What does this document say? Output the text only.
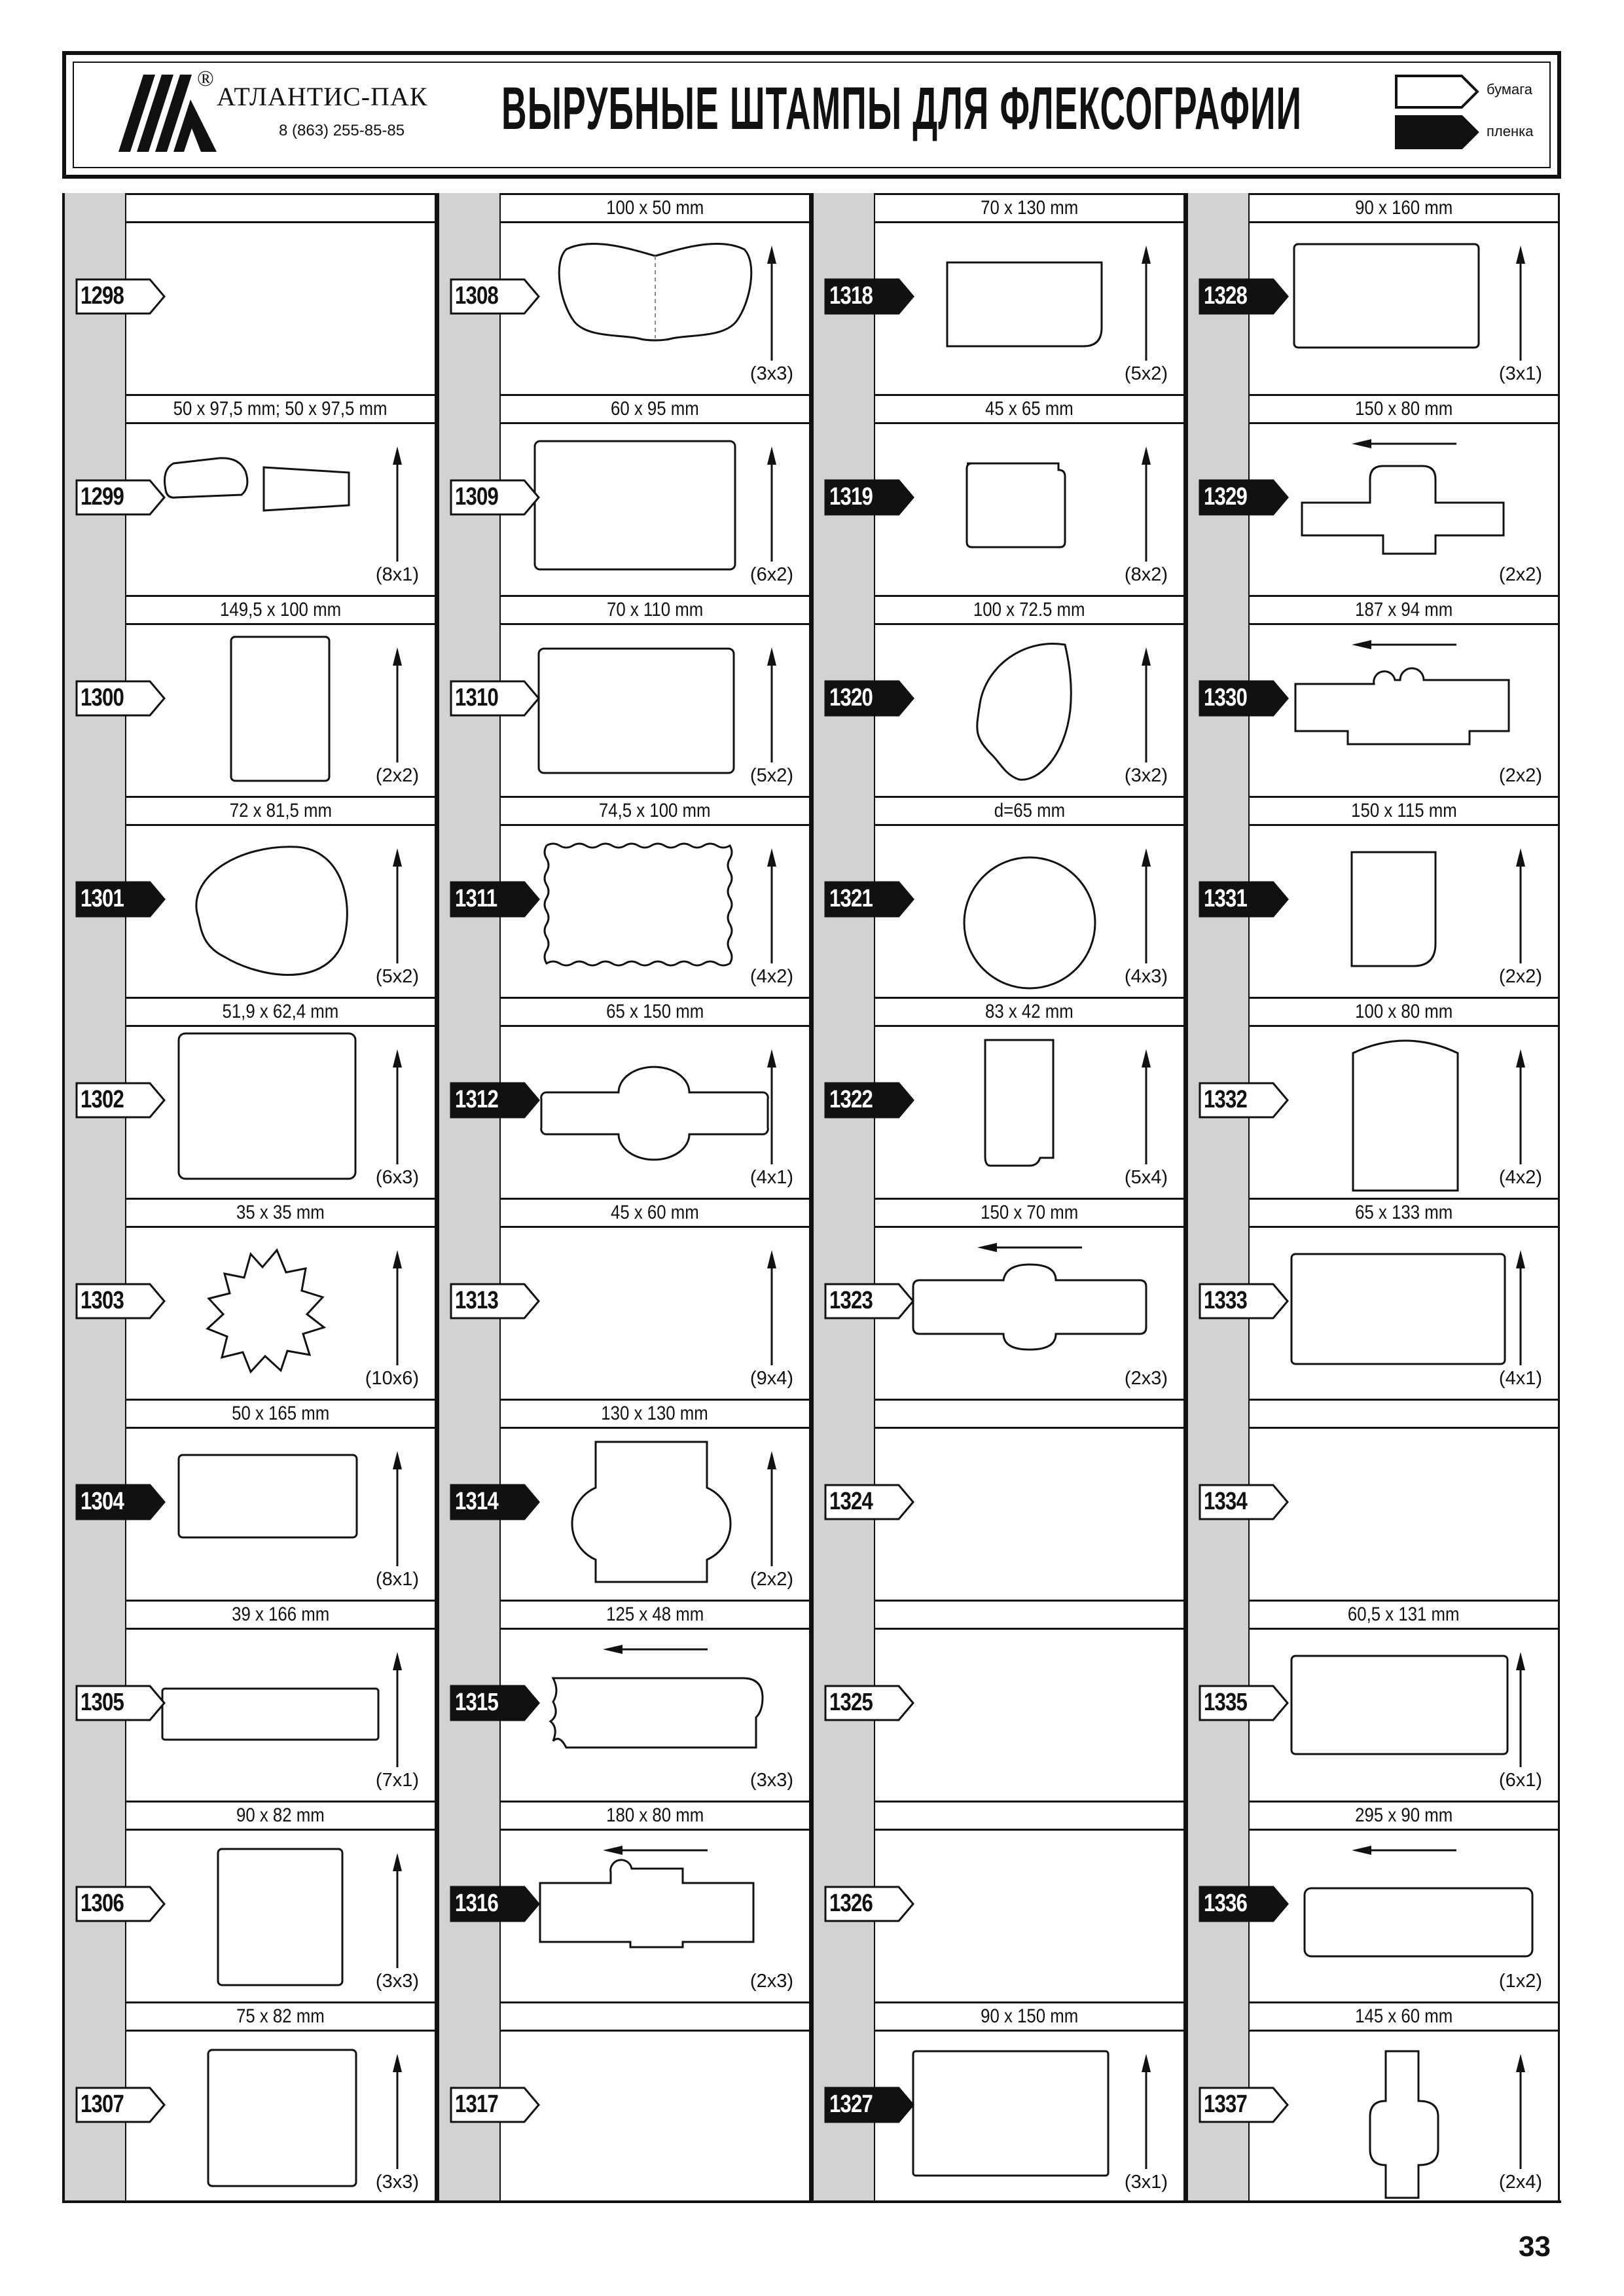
®
АТЛАНТИС-ПАК
8 (863) 255-85-85 ВЫРУБНЫЕ ШТАМПЫ ДЛЯ ФЛЕКСОГРАФИИ	бумага
пленка
1298
50 x 97,5 mm; 50 x 97,5 mm
(8x1)
1299
149,5 x 100 mm
(2x2)
1300
72 x 81,5 mm
(5x2)
1301
51,9 x 62,4 mm
(6x3)
1302
35 x 35 mm
(10x6)
1303
50 x 165 mm
(8x1)
1304
39 x 166 mm
(7x1)
1305
90 x 82 mm
(3x3)
1306
75 x 82 mm
(3x3)
1307
100 x 50 mm
(3x3)
1308
60 x 95 mm
(6x2)
1309
70 x 110 mm
(5x2)
1310
74,5 x 100 mm
(4x2)
1311
65 x 150 mm
(4x1)
1312
45 x 60 mm
(9x4)
1313
130 x 130 mm
(2x2)
1314
125 x 48 mm
(3x3)
1315
180 x 80 mm
(2x3)
1316
1317
70 x 130 mm
(5x2)
1318
45 x 65 mm
(8x2)
1319
100 x 72.5 mm
(3x2)
1320
d=65 mm
(4x3)
1321
83 x 42 mm
(5x4)
1322
150 x 70 mm
(2x3)
1323
1324
1325
1326
90 x 150 mm
(3x1)
1327
90 x 160 mm
(3x1)
1328
150 x 80 mm
(2x2)
1329
187 x 94 mm
(2x2)
1330
150 x 115 mm
(2x2)
1331
100 x 80 mm
(4x2)
1332
65 x 133 mm
(4x1)
1333
1334
60,5 x 131 mm
(6x1)
1335
295 x 90 mm
(1x2)
1336
145 x 60 mm
(2x4)
1337
33
